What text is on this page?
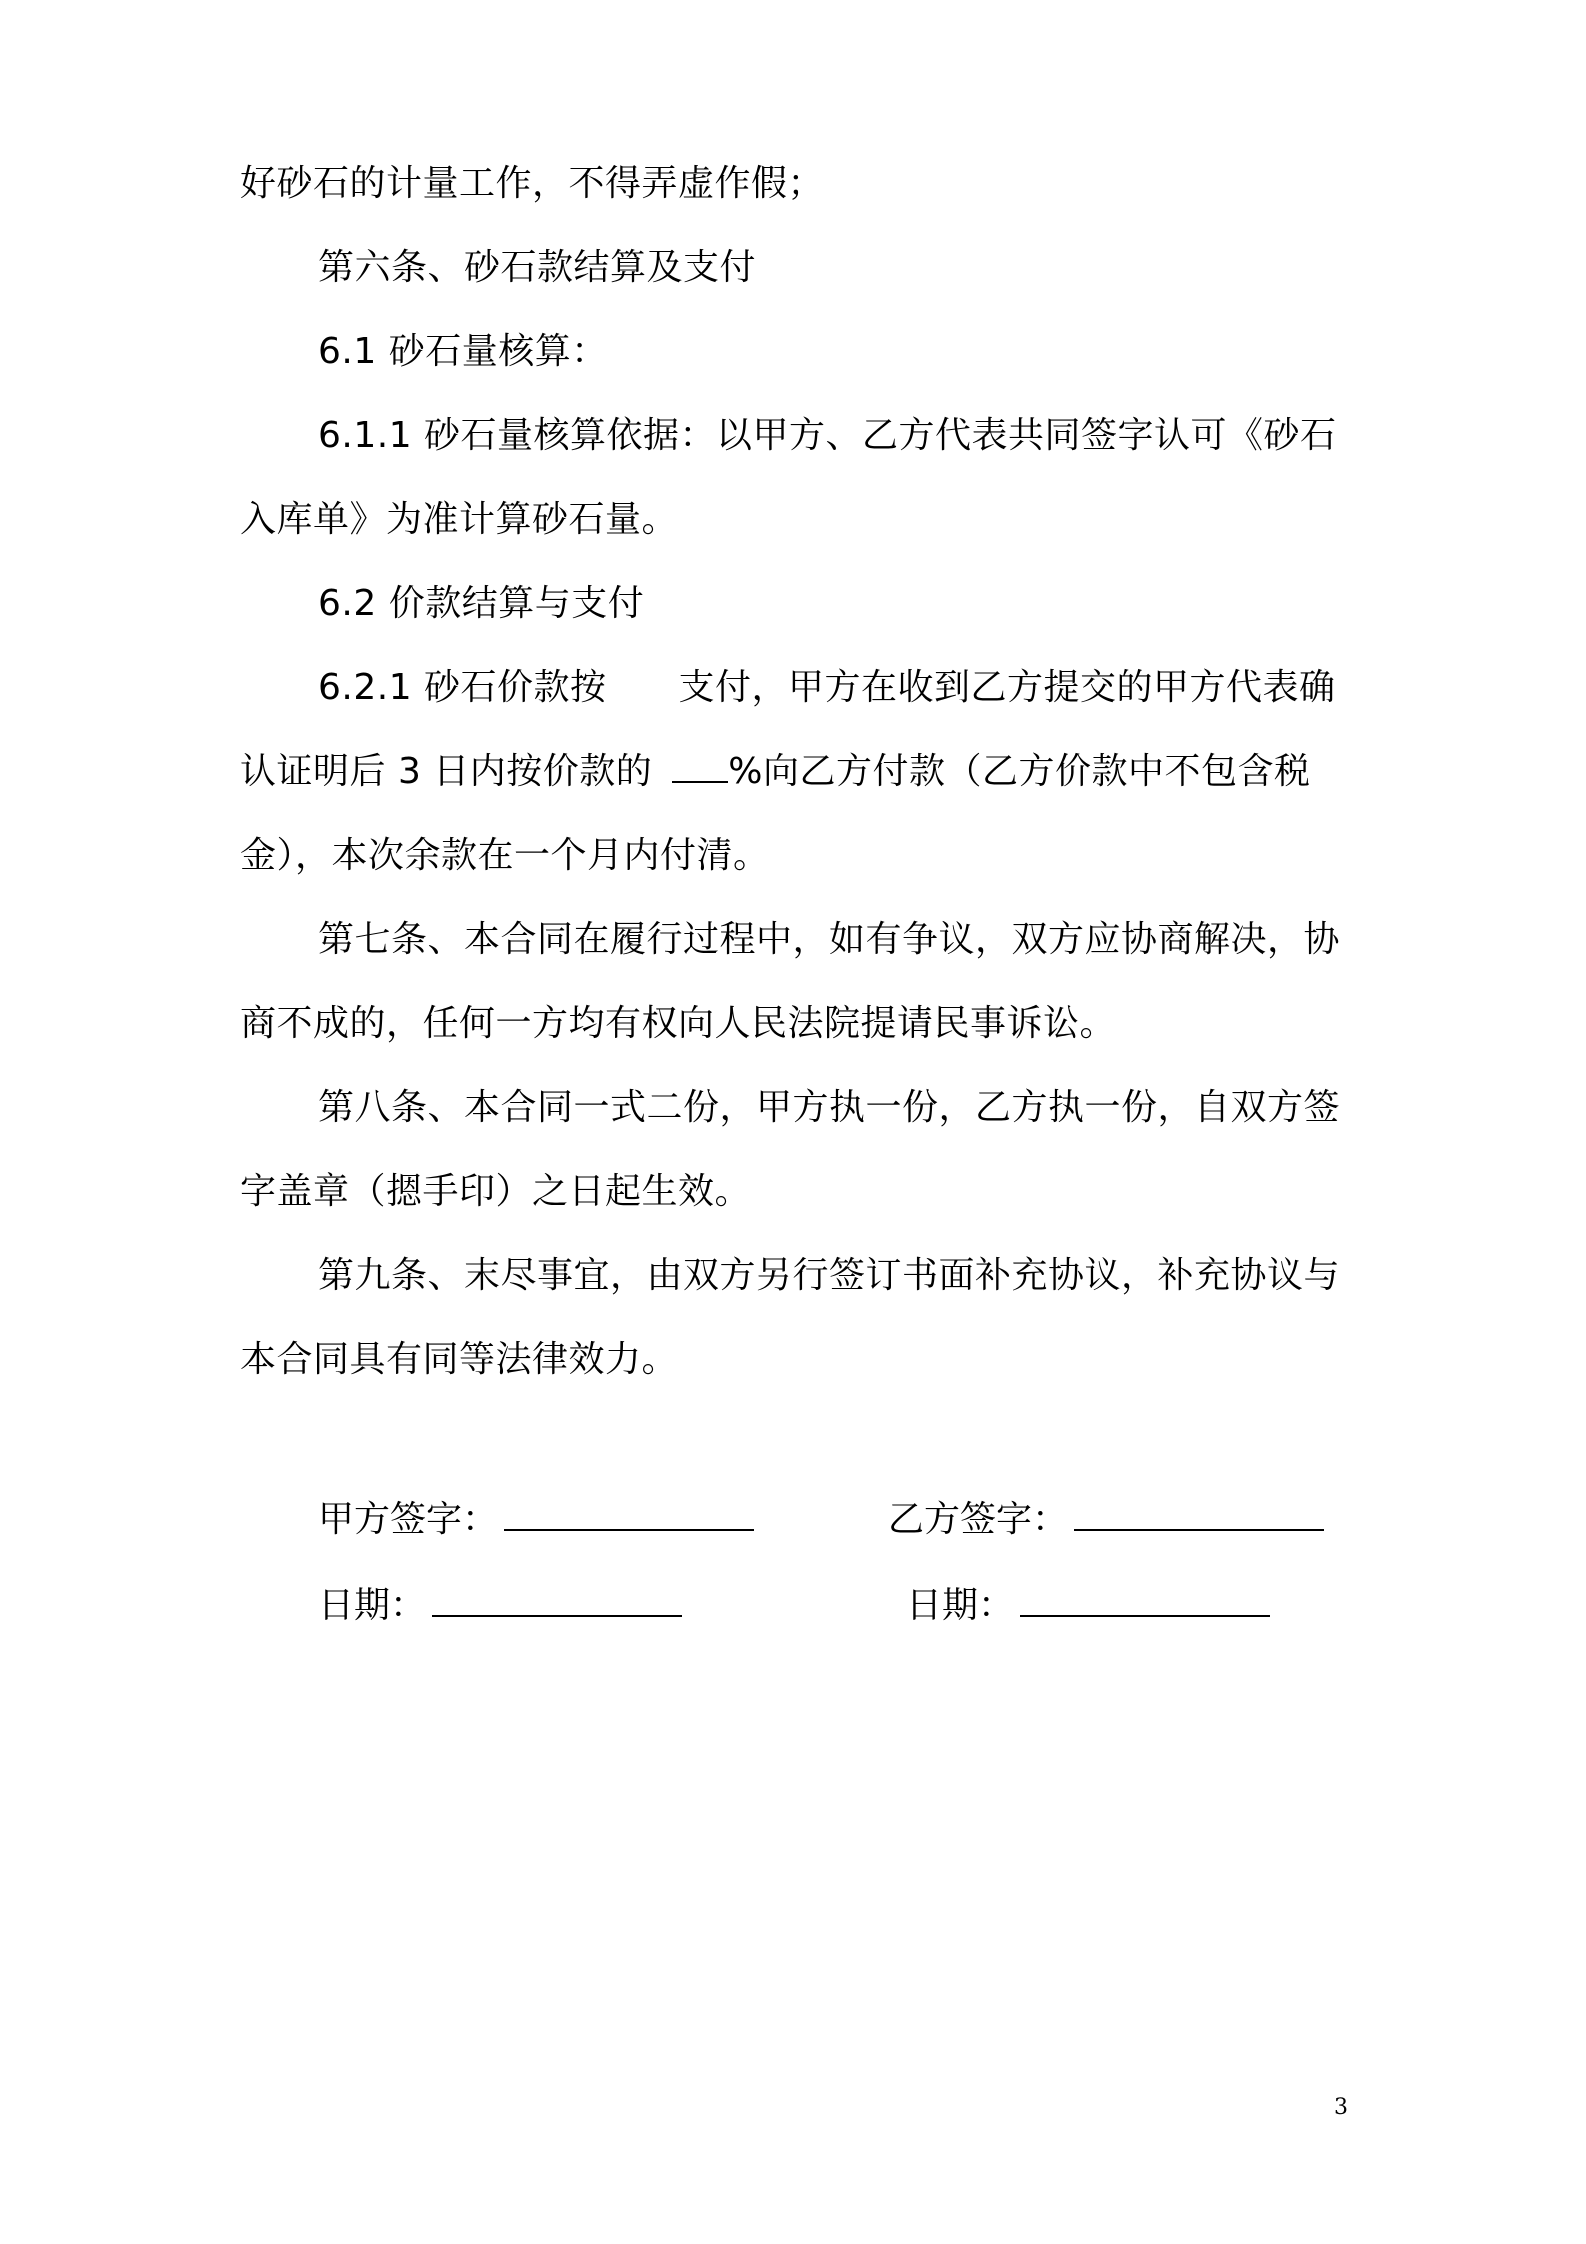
好砂石的计量工作，不得弄虚作假；
第六条、砂石款结算及支付
6.1 砂石量核算：
6.1.1 砂石量核算依据：以甲方、乙方代表共同签字认可《砂石
入库单》为准计算砂石量。
6.2 价款结算与支付
6.2.1 砂石价款按 支付，甲方在收到乙方提交的甲方代表确
认证明后 3 日内按价款的 %向乙方付款（乙方价款中不包含税
金），本次余款在一个月内付清。
第七条、本合同在履行过程中，如有争议，双方应协商解决，协
商不成的，任何一方均有权向人民法院提请民事诉讼。
第八条、本合同一式二份，甲方执一份，乙方执一份，自双方签
字盖章（摁手印）之日起生效。
第九条、末尽事宜，由双方另行签订书面补充协议，补充协议与
本合同具有同等法律效力。
甲方签字：	乙方签字：
日期：	日期：
3
